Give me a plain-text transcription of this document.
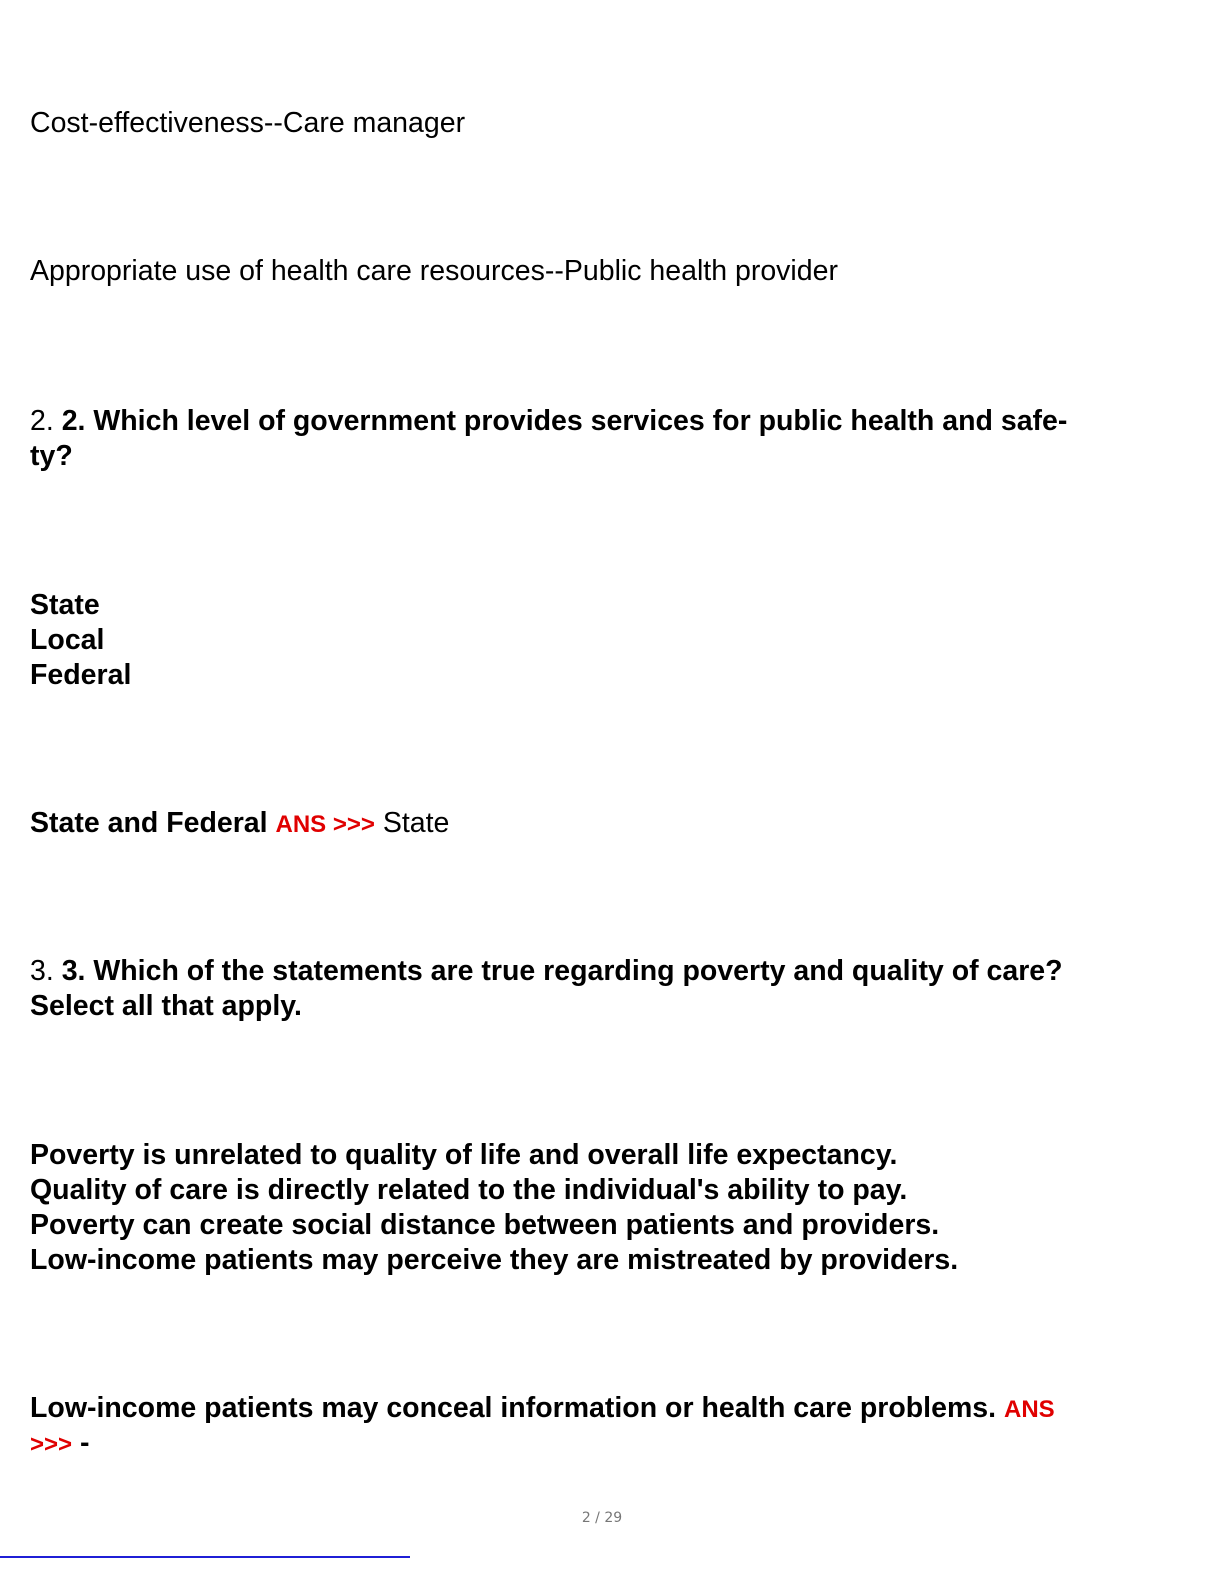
Cost-effectiveness--Care manager
Appropriate use of health care resources--Public health provider
2. 2. Which level of government provides services for public health and safe-
ty?
State
Local
Federal
State and Federal ANS >>> State
3. 3. Which of the statements are true regarding poverty and quality of care?
Select all that apply.
Poverty is unrelated to quality of life and overall life expectancy.
Quality of care is directly related to the individual's ability to pay.
Poverty can create social distance between patients and providers.
Low-income patients may perceive they are mistreated by providers.
Low-income patients may conceal information or health care problems. ANS
>>> -
2 / 29
